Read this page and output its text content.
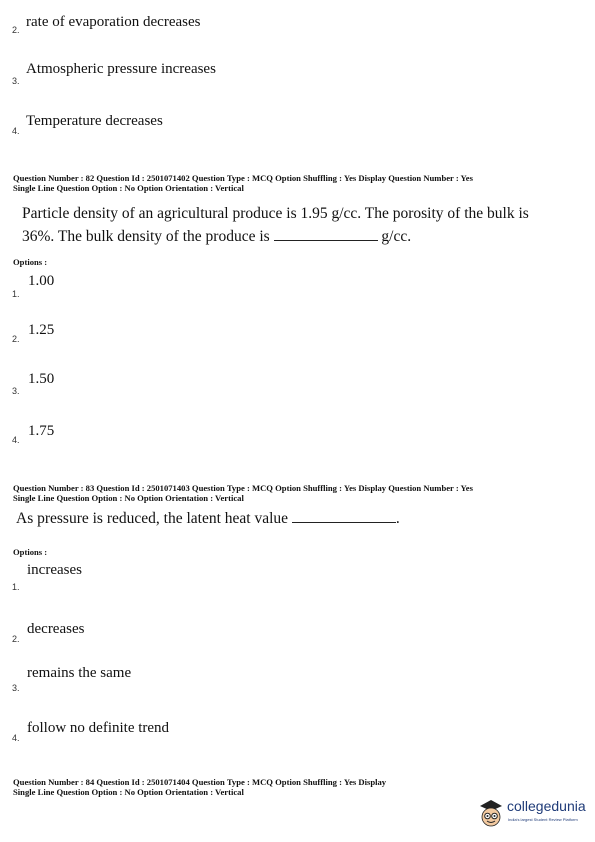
2. rate of evaporation decreases
3.
Atmospheric pressure increases
4.
Temperature decreases
Question Number : 82 Question Id : 2501071402 Question Type : MCQ Option Shuffling : Yes Display Question Number : Yes
Single Line Question Option : No Option Orientation : Vertical
Particle density of an agricultural produce is 1.95 g/cc. The porosity of the bulk is
36%. The bulk density of the produce is	g/cc.
Options :
1.
1.00
2.
1.25
3.
1.50
4.
1.75
Question Number : 83 Question Id : 2501071403 Question Type : MCQ Option Shuffling : Yes Display Question Number : Yes
Single Line Question Option : No Option Orientation : Vertical
As pressure is reduced, the latent heat value	.
Options :
1.
increases
2.
decreases
3.
remains the same
4.
follow no definite trend
Question Number : 84 Question Id : 2501071404 Question Type : MCQ Option Shuffling : Yes Display
Single Line Question Option : No Option Orientation : Vertical
collegedunia
India's largest Student Review Platform
